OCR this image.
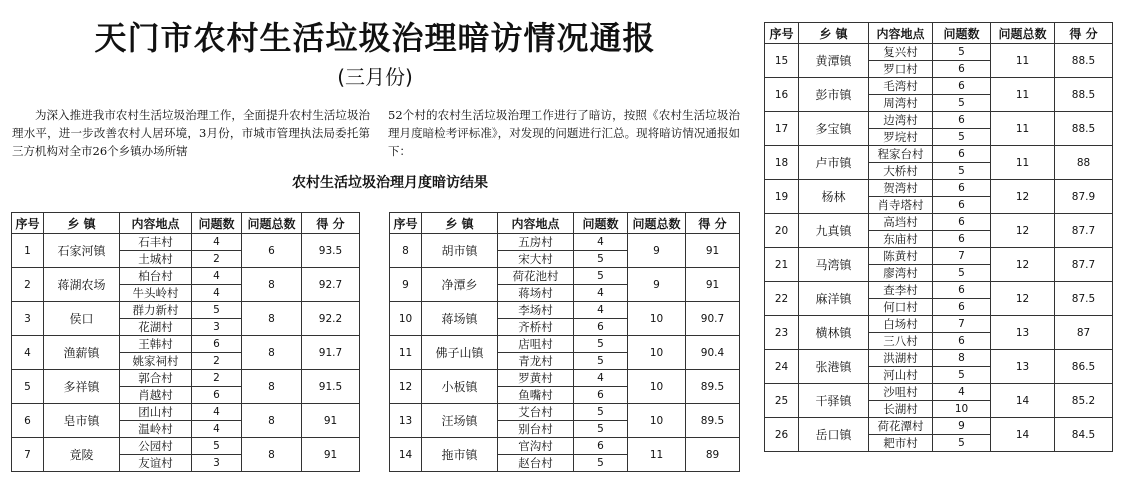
天门市农村生活垃圾治理暗访情况通报
(三月份)
为深入推进我市农村生活垃圾治理工作，全面提升农村生活垃圾治理水平，进一步改善农村人居环境，3月份，市城市管理执法局委托第三方机构对全市26个乡镇办场所辖
52个村的农村生活垃圾治理工作进行了暗访，按照《农村生活垃圾治理月度暗检考评标准》，对发现的问题进行汇总。现将暗访情况通报如下：
农村生活垃圾治理月度暗访结果
序号	乡 镇	内容地点	问题数	问题总数	得 分
1	石家河镇	石丰村	4	6	93.5
		土城村	2		
2	蒋湖农场	柏台村	4	8	92.7
		牛头岭村	4		
3	侯口	群力新村	5	8	92.2
		花湖村	3		
4	渔薪镇	王韩村	6	8	91.7
		姚家祠村	2		
5	多祥镇	郭合村	2	8	91.5
		肖越村	6		
6	皂市镇	团山村	4	8	91
		温岭村	4		
7	竟陵	公园村	5	8	91
		友谊村	3		
序号	乡 镇	内容地点	问题数	问题总数	得 分
8	胡市镇	五房村	4	9	91
		宋大村	5		
9	净潭乡	荷花池村	5	9	91
		蒋场村	4		
10	蒋场镇	李场村	4	10	90.7
		齐桥村	6		
11	佛子山镇	店咀村	5	10	90.4
		青龙村	5		
12	小板镇	罗黄村	4	10	89.5
		鱼嘴村	6		
13	汪场镇	艾台村	5	10	89.5
		别台村	5		
14	拖市镇	官沟村	6	11	89
		赵台村	5		
序号	乡 镇	内容地点	问题数	问题总数	得 分
15	黄潭镇	复兴村	5	11	88.5
		罗口村	6		
16	彭市镇	毛湾村	6	11	88.5
		周湾村	5		
17	多宝镇	边湾村	6	11	88.5
		罗垸村	5		
18	卢市镇	程家台村	6	11	88
		大桥村	5		
19	杨林	贺湾村	6	12	87.9
		肖寺塔村	6		
20	九真镇	高垱村	6	12	87.7
		东庙村	6		
21	马湾镇	陈黄村	7	12	87.7
		廖湾村	5		
22	麻洋镇	查李村	6	12	87.5
		何口村	6		
23	横林镇	白场村	7	13	87
		三八村	6		
24	张港镇	洪湖村	8	13	86.5
		河山村	5		
25	干驿镇	沙咀村	4	14	85.2
		长湖村	10		
26	岳口镇	荷花潭村	9	14	84.5
		耙市村	5		
